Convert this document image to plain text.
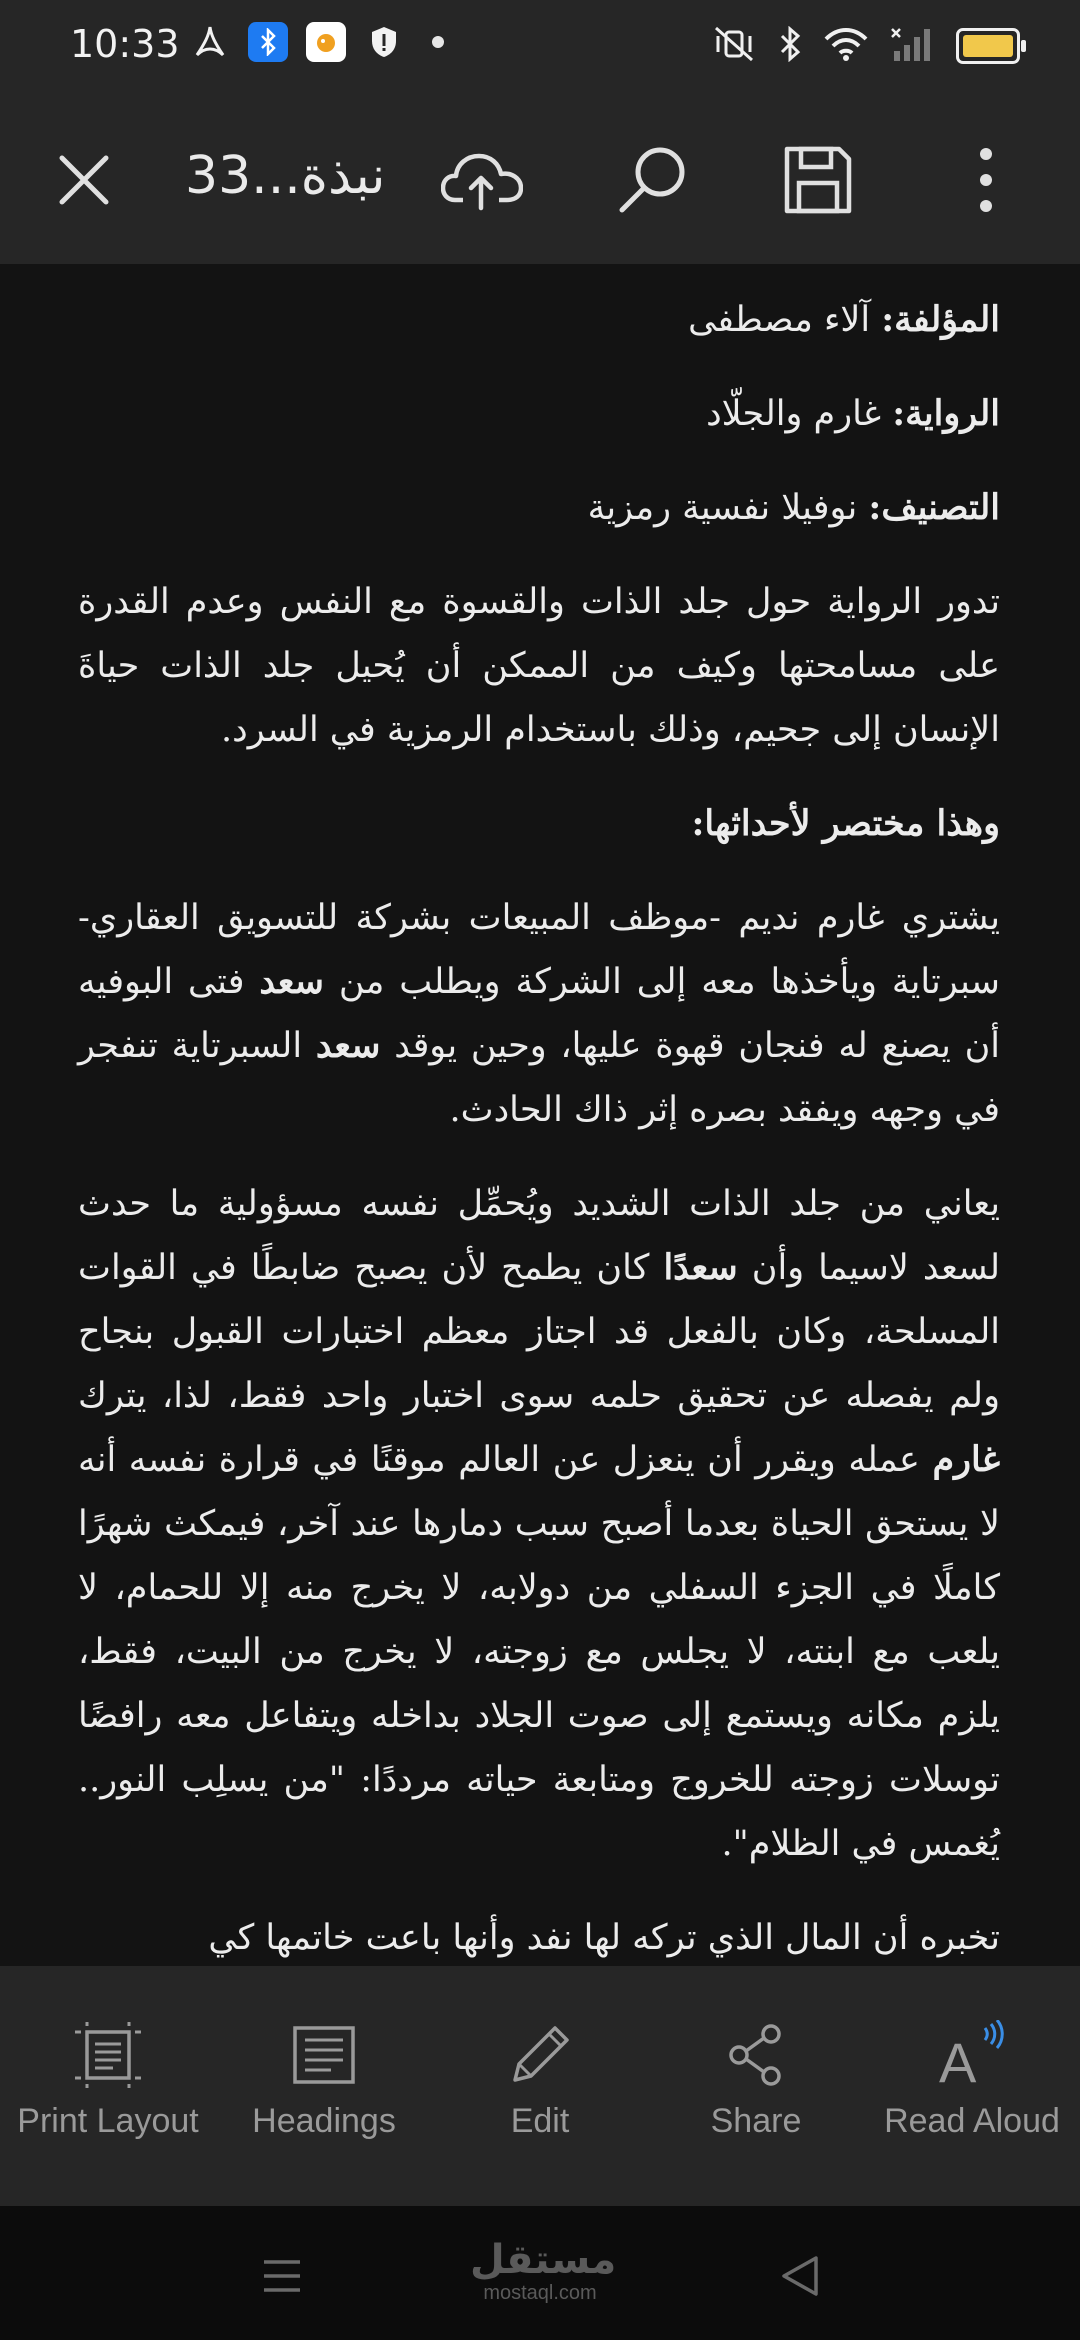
10:33
نبذة...33

المؤلفة: آلاء مصطفى

الرواية: غارم والجلّاد

التصنيف: نوفيلا نفسية رمزية

تدور الرواية حول جلد الذات والقسوة مع النفس وعدم القدرة على مسامحتها وكيف من الممكن أن يُحيل جلد الذات حياةَ الإنسان إلى جحيم، وذلك باستخدام الرمزية في السرد.

وهذا مختصر لأحداثها:

يشتري غارم نديم -موظف المبيعات بشركة للتسويق العقاري- سبرتاية ويأخذها معه إلى الشركة ويطلب من سعد فتى البوفيه أن يصنع له فنجان قهوة عليها، وحين يوقد سعد السبرتاية تنفجر في وجهه ويفقد بصره إثر ذاك الحادث.

يعاني من جلد الذات الشديد ويُحمِّل نفسه مسؤولية ما حدث لسعد لاسيما وأن سعدًا كان يطمح لأن يصبح ضابطًا في القوات المسلحة، وكان بالفعل قد اجتاز معظم اختبارات القبول بنجاح ولم يفصله عن تحقيق حلمه سوى اختبار واحد فقط، لذا، يترك غارم عمله ويقرر أن ينعزل عن العالم موقنًا في قرارة نفسه أنه لا يستحق الحياة بعدما أصبح سبب دمارها عند آخر، فيمكث شهرًا كاملًا في الجزء السفلي من دولابه، لا يخرج منه إلا للحمام، لا يلعب مع ابنته، لا يجلس مع زوجته، لا يخرج من البيت، فقط، يلزم مكانه ويستمع إلى صوت الجلاد بداخله ويتفاعل معه رافضًا توسلات زوجته للخروج ومتابعة حياته مرددًا: "من يسلِب النور.. يُغمس في الظلام".

تخبره أن المال الذي تركه لها نفد وأنها باعت خاتمها كي

Print Layout Headings	Edit	Share
A
Read Aloud
مستقل
mostaql.com
